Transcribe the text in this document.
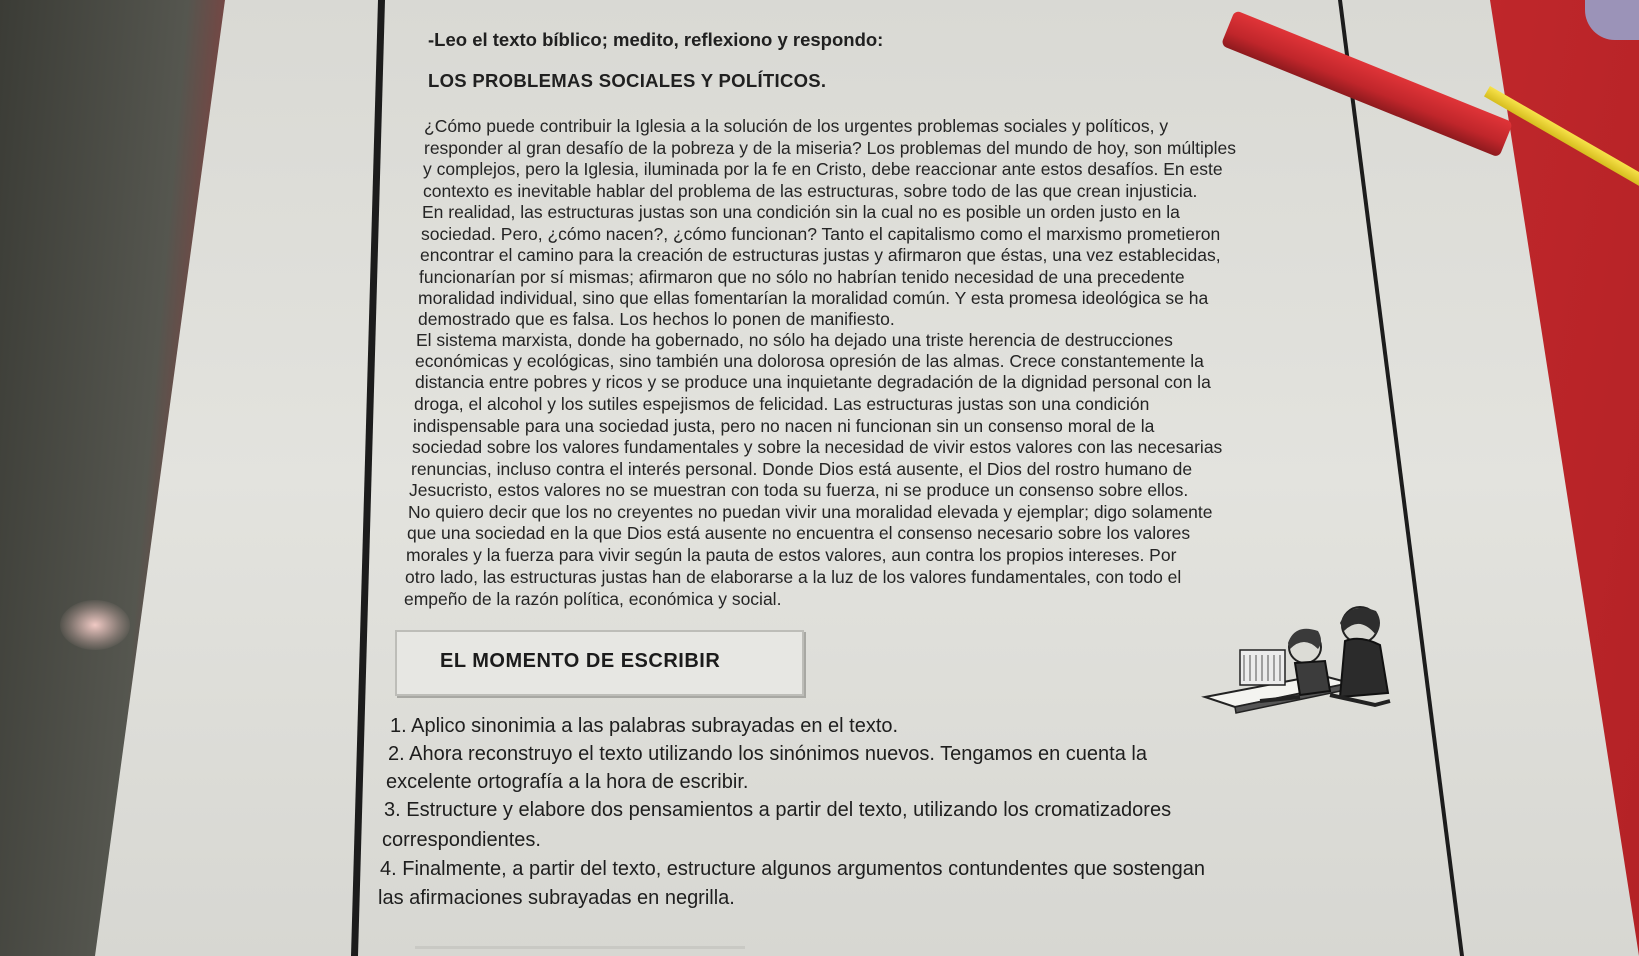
-Leo el texto bíblico; medito, reflexiono y respondo:
LOS PROBLEMAS SOCIALES Y POLÍTICOS.
¿Cómo puede contribuir la Iglesia a la solución de los urgentes problemas sociales y políticos, y
responder al gran desafío de la pobreza y de la miseria? Los problemas del mundo de hoy, son múltiples
y complejos, pero la Iglesia, iluminada por la fe en Cristo, debe reaccionar ante estos desafíos. En este
contexto es inevitable hablar del problema de las estructuras, sobre todo de las que crean injusticia.
En realidad, las estructuras justas son una condición sin la cual no es posible un orden justo en la
sociedad. Pero, ¿cómo nacen?, ¿cómo funcionan? Tanto el capitalismo como el marxismo prometieron
encontrar el camino para la creación de estructuras justas y afirmaron que éstas, una vez establecidas,
funcionarían por sí mismas; afirmaron que no sólo no habrían tenido necesidad de una precedente
moralidad individual, sino que ellas fomentarían la moralidad común. Y esta promesa ideológica se ha
demostrado que es falsa. Los hechos lo ponen de manifiesto.
El sistema marxista, donde ha gobernado, no sólo ha dejado una triste herencia de destrucciones
económicas y ecológicas, sino también una dolorosa opresión de las almas. Crece constantemente la
distancia entre pobres y ricos y se produce una inquietante degradación de la dignidad personal con la
droga, el alcohol y los sutiles espejismos de felicidad. Las estructuras justas son una condición
indispensable para una sociedad justa, pero no nacen ni funcionan sin un consenso moral de la
sociedad sobre los valores fundamentales y sobre la necesidad de vivir estos valores con las necesarias
renuncias, incluso contra el interés personal. Donde Dios está ausente, el Dios del rostro humano de
Jesucristo, estos valores no se muestran con toda su fuerza, ni se produce un consenso sobre ellos.
No quiero decir que los no creyentes no puedan vivir una moralidad elevada y ejemplar; digo solamente
que una sociedad en la que Dios está ausente no encuentra el consenso necesario sobre los valores
morales y la fuerza para vivir según la pauta de estos valores, aun contra los propios intereses. Por
otro lado, las estructuras justas han de elaborarse a la luz de los valores fundamentales, con todo el
empeño de la razón política, económica y social.
EL MOMENTO DE ESCRIBIR
1. Aplico sinonimia a las palabras subrayadas en el texto.
2. Ahora reconstruyo el texto utilizando los sinónimos nuevos. Tengamos en cuenta la
excelente ortografía a la hora de escribir.
3. Estructure y elabore dos pensamientos a partir del texto, utilizando los cromatizadores
correspondientes.
4. Finalmente, a partir del texto, estructure algunos argumentos contundentes que sostengan
las afirmaciones subrayadas en negrilla.
